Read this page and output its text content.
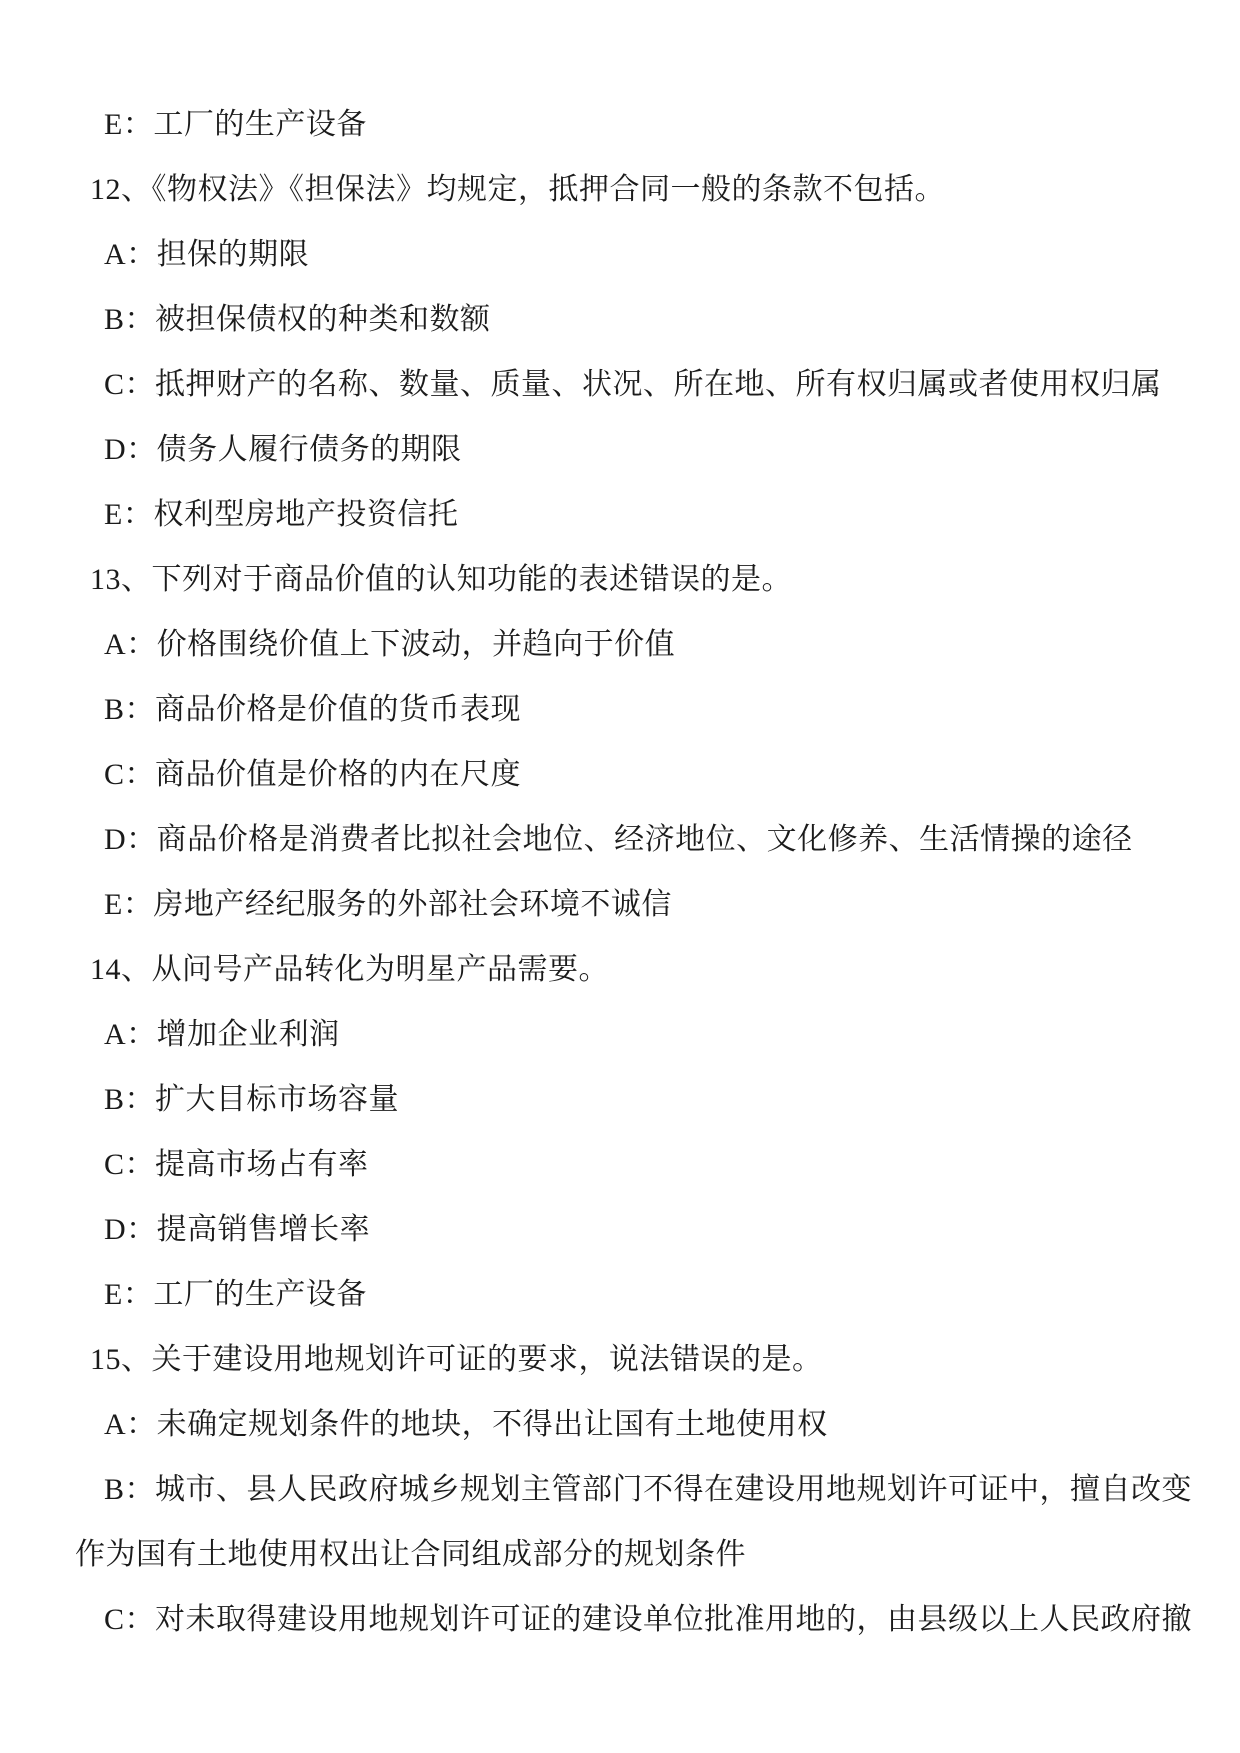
E：工厂的生产设备
12、《物权法》《担保法》均规定，抵押合同一般的条款不包括。
A：担保的期限
B：被担保债权的种类和数额
C：抵押财产的名称、数量、质量、状况、所在地、所有权归属或者使用权归属
D：债务人履行债务的期限
E：权利型房地产投资信托
13、下列对于商品价值的认知功能的表述错误的是。
A：价格围绕价值上下波动，并趋向于价值
B：商品价格是价值的货币表现
C：商品价值是价格的内在尺度
D：商品价格是消费者比拟社会地位、经济地位、文化修养、生活情操的途径
E：房地产经纪服务的外部社会环境不诚信
14、从问号产品转化为明星产品需要。
A：增加企业利润
B：扩大目标市场容量
C：提高市场占有率
D：提高销售增长率
E：工厂的生产设备
15、关于建设用地规划许可证的要求，说法错误的是。
A：未确定规划条件的地块，不得出让国有土地使用权
B：城市、县人民政府城乡规划主管部门不得在建设用地规划许可证中，擅自改变
作为国有土地使用权出让合同组成部分的规划条件
C：对未取得建设用地规划许可证的建设单位批准用地的，由县级以上人民政府撤
